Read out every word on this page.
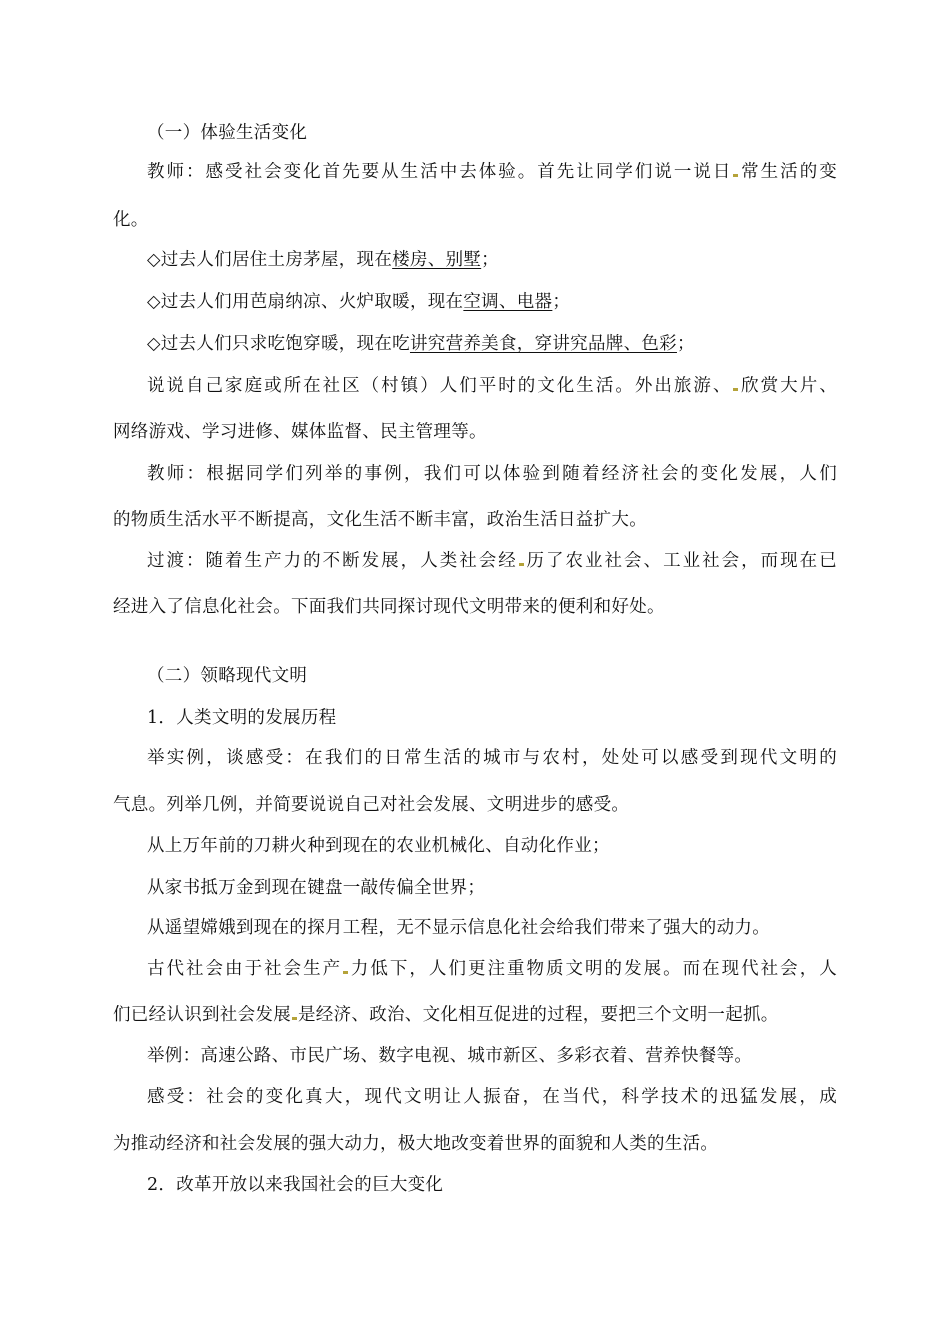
（一）体验生活变化
教师：感受社会变化首先要从生活中去体验。首先让同学们说一说日 常生活的变
化。
◇过去人们居住土房茅屋，现在楼房、别墅；
◇过去人们用芭扇纳凉、火炉取暖，现在空调、电器；
◇过去人们只求吃饱穿暖，现在吃讲究营养美食，穿讲究品牌、色彩；
说说自己家庭或所在社区（村镇）人们平时的文化生活。外出旅游、 欣赏大片、
网络游戏、学习进修、媒体监督、民主管理等。
教师：根据同学们列举的事例，我们可以体验到随着经济社会的变化发展，人们
的物质生活水平不断提高，文化生活不断丰富，政治生活日益扩大。
过渡：随着生产力的不断发展，人类社会经 历了农业社会、工业社会，而现在已
经进入了信息化社会。下面我们共同探讨现代文明带来的便利和好处。
（二）领略现代文明
1．人类文明的发展历程
举实例，谈感受：在我们的日常生活的城市与农村，处处可以感受到现代文明的
气息。列举几例，并简要说说自己对社会发展、文明进步的感受。
从上万年前的刀耕火种到现在的农业机械化、自动化作业；
从家书抵万金到现在键盘一敲传偏全世界；
从遥望嫦娥到现在的探月工程，无不显示信息化社会给我们带来了强大的动力。
古代社会由于社会生产 力低下，人们更注重物质文明的发展。而在现代社会，人
们已经认识到社会发展 是经济、政治、文化相互促进的过程，要把三个文明一起抓。
举例：高速公路、市民广场、数字电视、城市新区、多彩衣着、营养快餐等。
感受：社会的变化真大，现代文明让人振奋，在当代，科学技术的迅猛发展，成
为推动经济和社会发展的强大动力，极大地改变着世界的面貌和人类的生活。
2．改革开放以来我国社会的巨大变化
